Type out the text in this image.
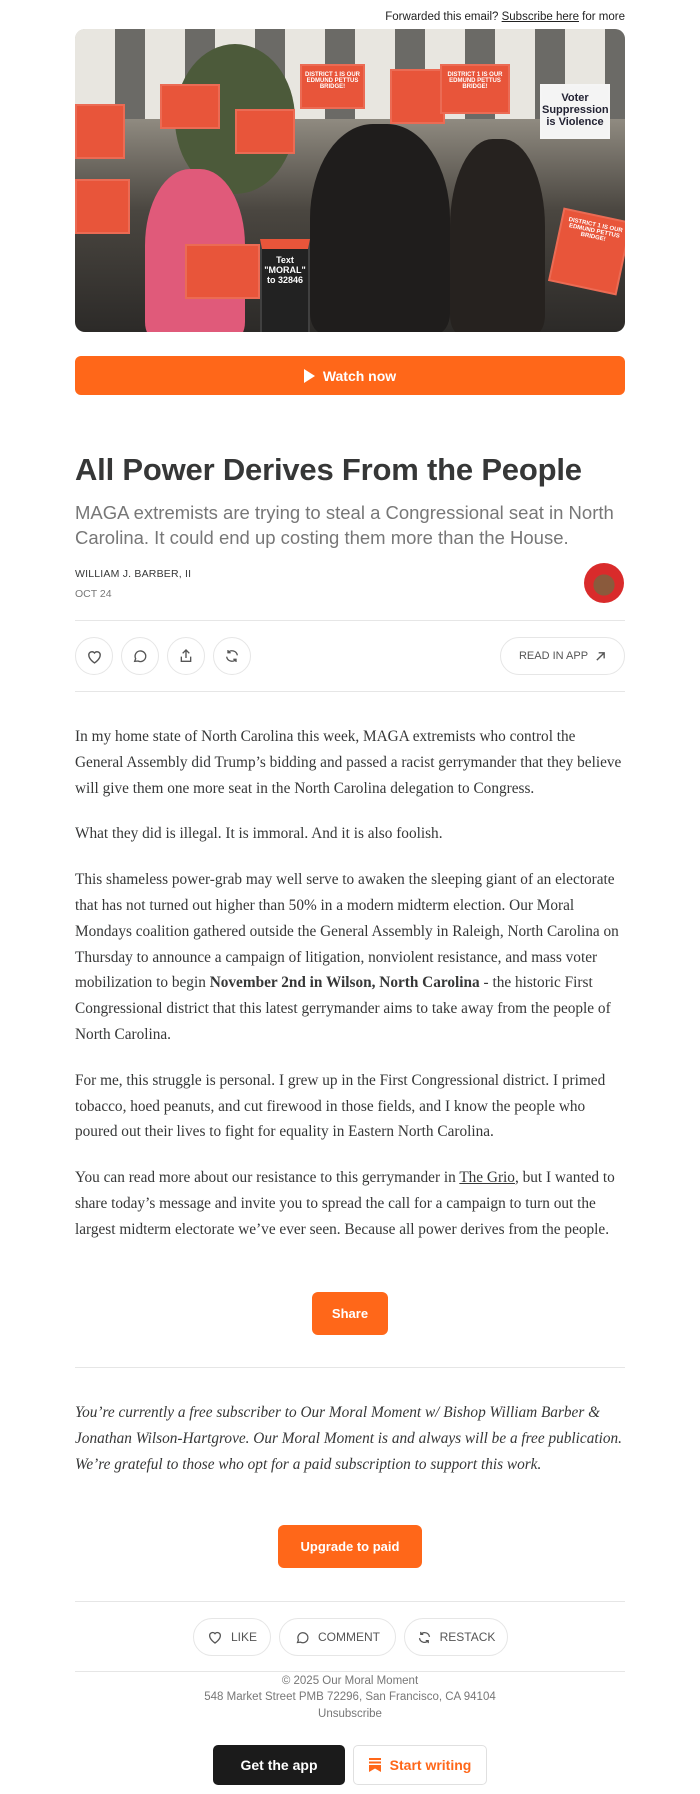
Forwarded this email? Subscribe here for more
DISTRICT 1 IS OUR EDMUND PETTUS BRIDGE!
DISTRICT 1 IS OUR EDMUND PETTUS BRIDGE!
Voter Suppression is Violence
DISTRICT 1 IS OUR EDMUND PETTUS BRIDGE!
Text "MORAL" to 32846
Watch now
All Power Derives From the People
MAGA extremists are trying to steal a Congressional seat in North Carolina. It could end up costing them more than the House.
WILLIAM J. BARBER, II
OCT 24
READ IN APP

In my home state of North Carolina this week, MAGA extremists who control the General Assembly did Trump’s bidding and passed a racist gerrymander that they believe will give them one more seat in the North Carolina delegation to Congress.

What they did is illegal. It is immoral. And it is also foolish.

This shameless power-grab may well serve to awaken the sleeping giant of an electorate that has not turned out higher than 50% in a modern midterm election. Our Moral Mondays coalition gathered outside the General Assembly in Raleigh, North Carolina on Thursday to announce a campaign of litigation, nonviolent resistance, and mass voter mobilization to begin November 2nd in Wilson, North Carolina - the historic First Congressional district that this latest gerrymander aims to take away from the people of North Carolina.

For me, this struggle is personal. I grew up in the First Congressional district. I primed tobacco, hoed peanuts, and cut firewood in those fields, and I know the people who poured out their lives to fight for equality in Eastern North Carolina.

You can read more about our resistance to this gerrymander in The Grio, but I wanted to share today’s message and invite you to spread the call for a campaign to turn out the largest midterm electorate we’ve ever seen. Because all power derives from the people.

Share
You’re currently a free subscriber to Our Moral Moment w/ Bishop William Barber & Jonathan Wilson-Hartgrove. Our Moral Moment is and always will be a free publication. We’re grateful to those who opt for a paid subscription to support this work.
Upgrade to paid
LIKE	COMMENT	RESTACK
© 2025 Our Moral Moment
548 Market Street PMB 72296, San Francisco, CA 94104
Unsubscribe
Get the app	Start writing
